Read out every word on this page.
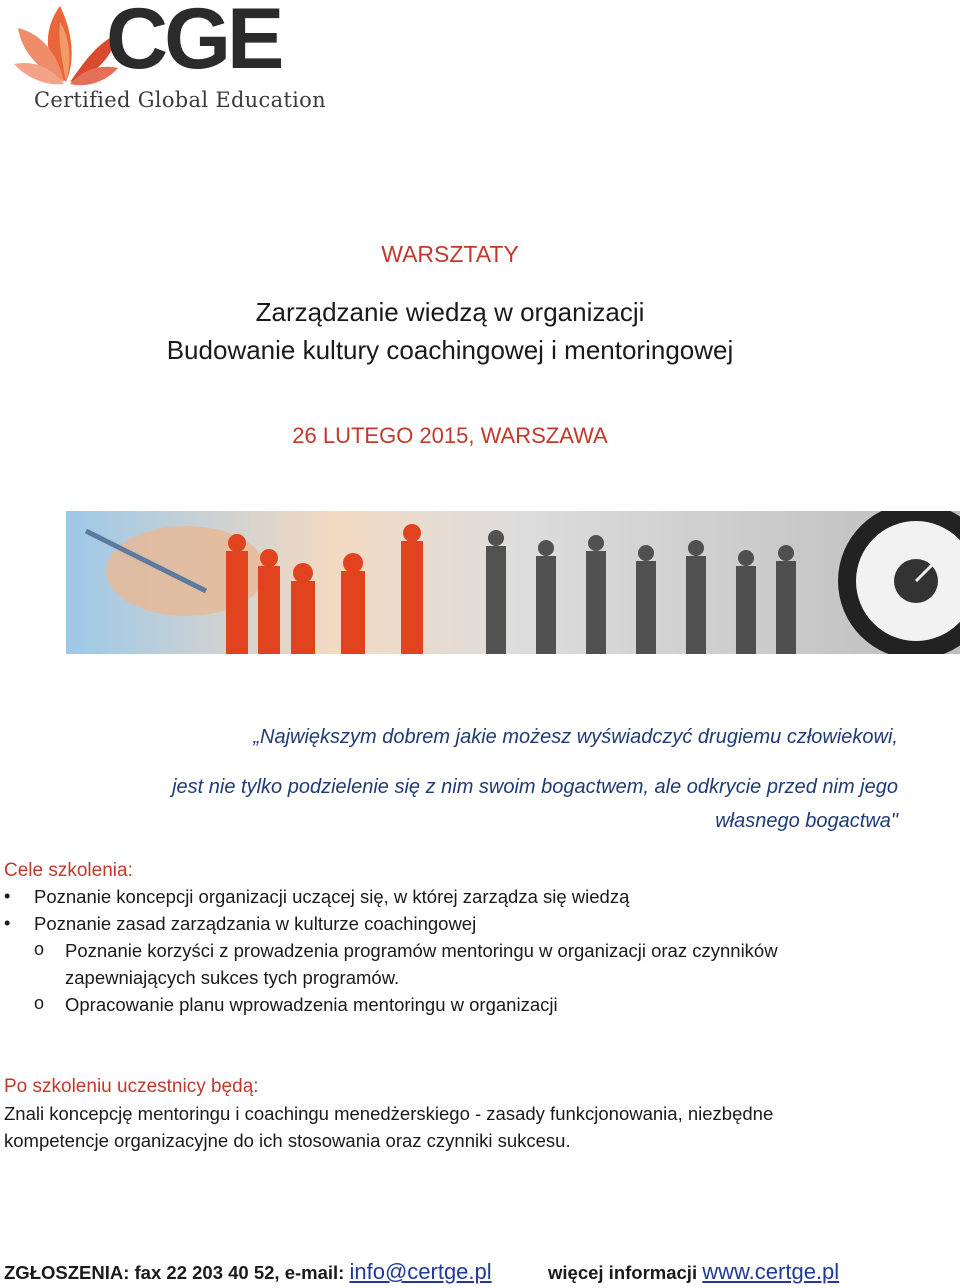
CGE
Certified Global Education
WARSZTATY
Zarządzanie wiedzą w organizacji
Budowanie kultury coachingowej i mentoringowej
26 LUTEGO 2015, WARSZAWA
„Największym dobrem jakie możesz wyświadczyć drugiemu człowiekowi,
jest nie tylko podzielenie się z nim swoim bogactwem, ale odkrycie przed nim jego
własnego bogactwa"
Cele szkolenia:
• Poznanie koncepcji organizacji uczącej się, w której zarządza się wiedzą
• Poznanie zasad zarządzania w kulturze coachingowej
o Poznanie korzyści z prowadzenia programów mentoringu w organizacji oraz czynników
zapewniających sukces tych programów.
o Opracowanie planu wprowadzenia mentoringu w organizacji
Po szkoleniu uczestnicy będą:
Znali koncepcję mentoringu i coachingu menedżerskiego - zasady funkcjonowania, niezbędne
kompetencje organizacyjne do ich stosowania oraz czynniki sukcesu.
ZGŁOSZENIA: fax 22 203 40 52, e-mail: info@certge.pl	więcej informacji www.certge.pl
